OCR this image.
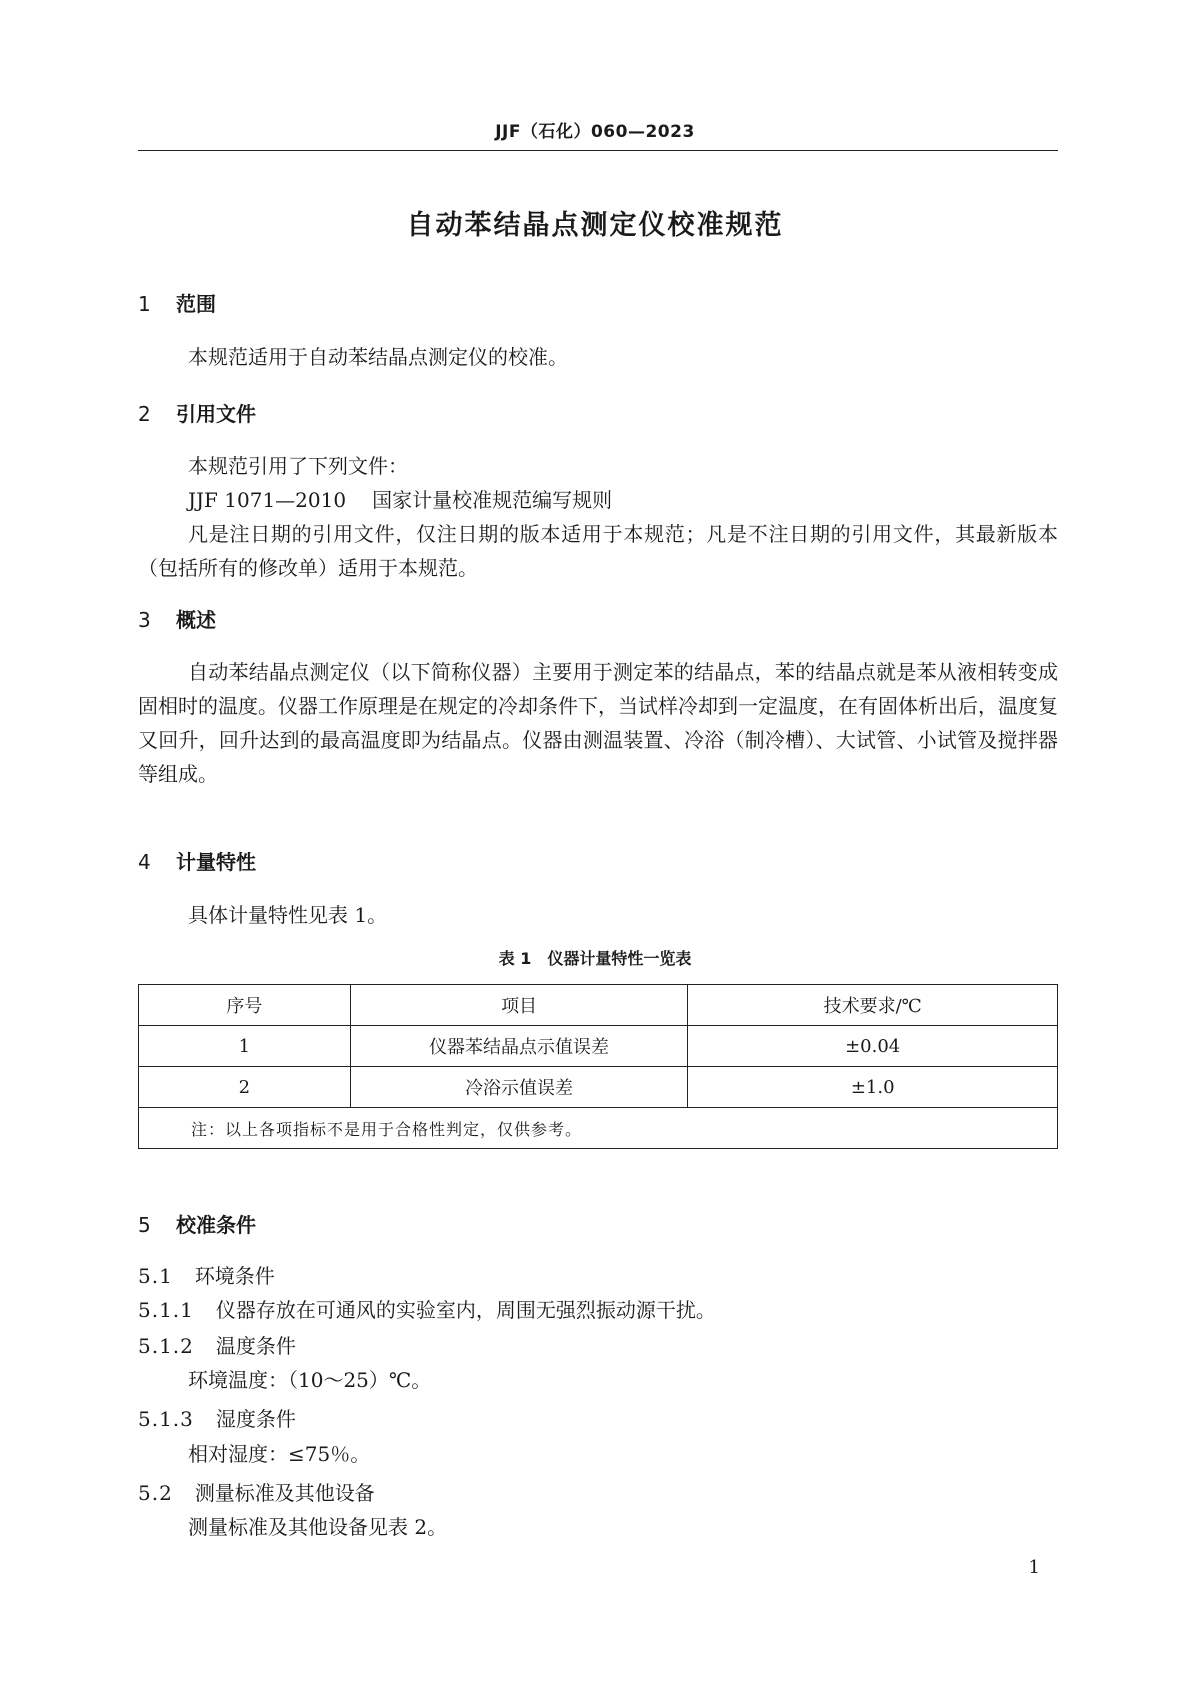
JJF（石化）060—2023
自动苯结晶点测定仪校准规范
1 范围
本规范适用于自动苯结晶点测定仪的校准。
2 引用文件
本规范引用了下列文件：
JJF 1071—2010 国家计量校准规范编写规则
凡是注日期的引用文件，仅注日期的版本适用于本规范；凡是不注日期的引用文件，其最新版本（包括所有的修改单）适用于本规范。
3 概述
自动苯结晶点测定仪（以下简称仪器）主要用于测定苯的结晶点，苯的结晶点就是苯从液相转变成固相时的温度。仪器工作原理是在规定的冷却条件下，当试样冷却到一定温度，在有固体析出后，温度复又回升，回升达到的最高温度即为结晶点。仪器由测温装置、冷浴（制冷槽）、大试管、小试管及搅拌器等组成。
4 计量特性
具体计量特性见表 1。
表 1　仪器计量特性一览表
序号	项目	技术要求/℃
1	仪器苯结晶点示值误差	±0.04
2	冷浴示值误差	±1.0
注：以上各项指标不是用于合格性判定，仅供参考。		
5 校准条件
5.1 环境条件
5.1.1 仪器存放在可通风的实验室内，周围无强烈振动源干扰。
5.1.2 温度条件
环境温度：（10～25）℃。
5.1.3 湿度条件
相对湿度：≤75％。
5.2 测量标准及其他设备
测量标准及其他设备见表 2。
1
